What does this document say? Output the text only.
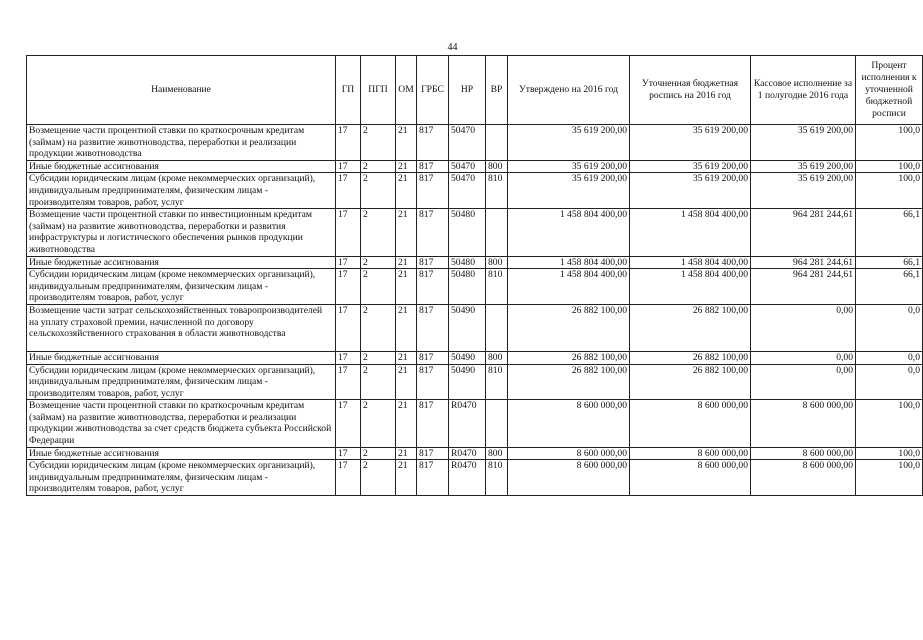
44
Наименование	ГП	ПГП	ОМ	ГРБС	НР	ВР	Утверждено на 2016 год	Уточненная бюджетная роспись на 2016 год	Кассовое исполнение за 1 полугодие 2016 года	Процент исполнения к уточненной бюджетной росписи
Возмещение части процентной ставки по краткосрочным кредитам (займам) на развитие животноводства, переработки и реализации продукции животноводства	17	2	21	817	50470		35 619 200,00	35 619 200,00	35 619 200,00	100,0
Иные бюджетные ассигнования	17	2	21	817	50470	800	35 619 200,00	35 619 200,00	35 619 200,00	100,0
Субсидии юридическим лицам (кроме некоммерческих организаций), индивидуальным предпринимателям, физическим лицам - производителям товаров, работ, услуг	17	2	21	817	50470	810	35 619 200,00	35 619 200,00	35 619 200,00	100,0
Возмещение части процентной ставки по инвестиционным кредитам (займам) на развитие животноводства, переработки и развития инфраструктуры и логистического обеспечения рынков продукции животноводства	17	2	21	817	50480		1 458 804 400,00	1 458 804 400,00	964 281 244,61	66,1
Иные бюджетные ассигнования	17	2	21	817	50480	800	1 458 804 400,00	1 458 804 400,00	964 281 244,61	66,1
Субсидии юридическим лицам (кроме некоммерческих организаций), индивидуальным предпринимателям, физическим лицам - производителям товаров, работ, услуг	17	2	21	817	50480	810	1 458 804 400,00	1 458 804 400,00	964 281 244,61	66,1
Возмещение части затрат сельскохозяйственных товаропроизводителей на уплату страховой премии, начисленной по договору сельскохозяйственного страхования в области животноводства	17	2	21	817	50490		26 882 100,00	26 882 100,00	0,00	0,0
Иные бюджетные ассигнования	17	2	21	817	50490	800	26 882 100,00	26 882 100,00	0,00	0,0
Субсидии юридическим лицам (кроме некоммерческих организаций), индивидуальным предпринимателям, физическим лицам - производителям товаров, работ, услуг	17	2	21	817	50490	810	26 882 100,00	26 882 100,00	0,00	0,0
Возмещение части процентной ставки по краткосрочным кредитам (займам) на развитие животноводства, переработки и реализации продукции животноводства за счет средств бюджета субъекта Российской Федерации	17	2	21	817	R0470		8 600 000,00	8 600 000,00	8 600 000,00	100,0
Иные бюджетные ассигнования	17	2	21	817	R0470	800	8 600 000,00	8 600 000,00	8 600 000,00	100,0
Субсидии юридическим лицам (кроме некоммерческих организаций), индивидуальным предпринимателям, физическим лицам - производителям товаров, работ, услуг	17	2	21	817	R0470	810	8 600 000,00	8 600 000,00	8 600 000,00	100,0
